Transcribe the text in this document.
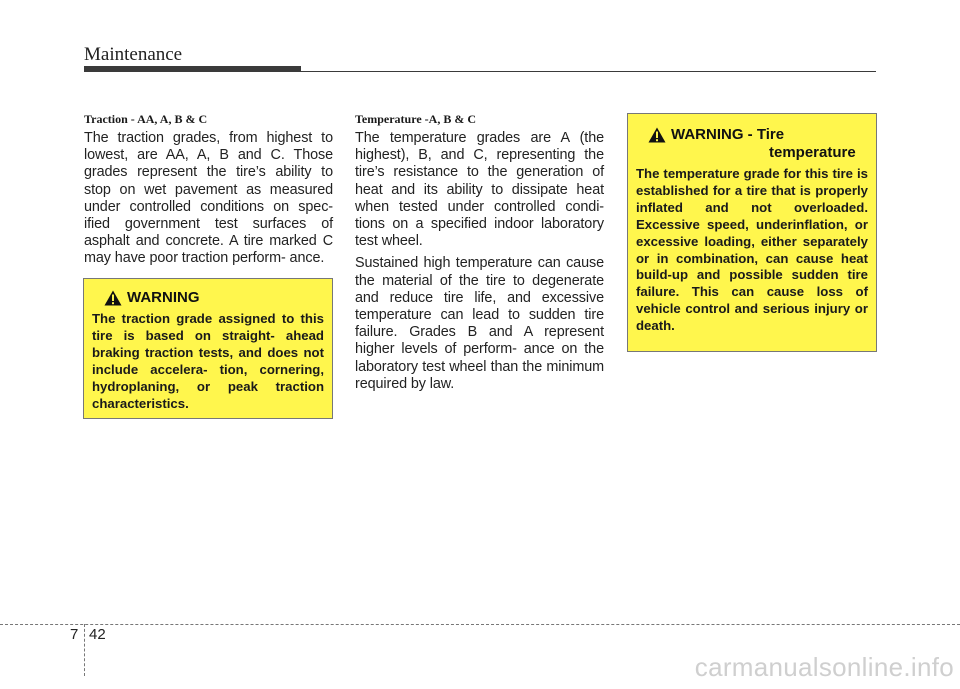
Maintenance
Traction - AA, A, B & C

The traction grades, from highest to lowest, are AA, A, B and C. Those grades represent the tire’s ability to stop on wet pavement as measured under controlled conditions on spec- ified government test surfaces of asphalt and concrete. A tire marked C may have poor traction perform- ance.

WARNING

The traction grade assigned to this tire is based on straight- ahead braking traction tests, and does not include accelera- tion, cornering, hydroplaning, or peak traction characteristics.

Temperature -A, B & C

The temperature grades are A (the highest), B, and C, representing the tire’s resistance to the generation of heat and its ability to dissipate heat when tested under controlled condi- tions on a specified indoor laboratory test wheel.

Sustained high temperature can cause the material of the tire to degenerate and reduce tire life, and excessive temperature can lead to sudden tire failure. Grades B and A represent higher levels of perform- ance on the laboratory test wheel than the minimum required by law.

WARNING - Tire
temperature

The temperature grade for this tire is established for a tire that is properly inflated and not overloaded. Excessive speed, underinflation, or excessive loading, either separately or in combination, can cause heat build-up and possible sudden tire failure. This can cause loss of vehicle control and serious injury or death.

7 42
carmanualsonline.info
